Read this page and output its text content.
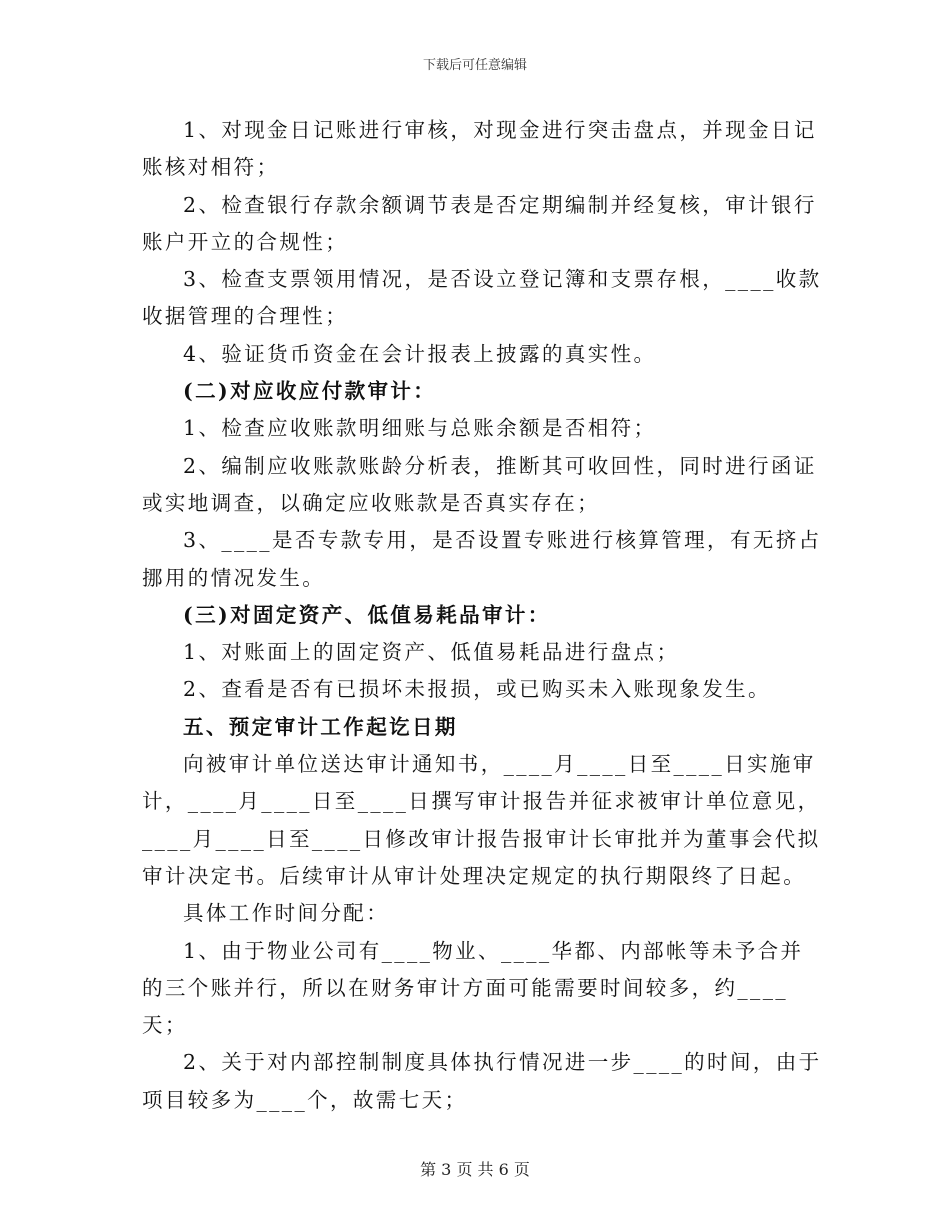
下载后可任意编辑

1、对现金日记账进行审核，对现金进行突击盘点，并现金日记账核对相符；

2、检查银行存款余额调节表是否定期编制并经复核，审计银行账户开立的合规性；

3、检查支票领用情况，是否设立登记簿和支票存根，____收款收据管理的合理性；

4、验证货币资金在会计报表上披露的真实性。

(二)对应收应付款审计：

1、检查应收账款明细账与总账余额是否相符；

2、编制应收账款账龄分析表，推断其可收回性，同时进行函证或实地调查，以确定应收账款是否真实存在；

3、____是否专款专用，是否设置专账进行核算管理，有无挤占挪用的情况发生。

(三)对固定资产、低值易耗品审计：

1、对账面上的固定资产、低值易耗品进行盘点；

2、查看是否有已损坏未报损，或已购买未入账现象发生。

五、预定审计工作起讫日期

向被审计单位送达审计通知书，____月____日至____日实施审计，____月____日至____日撰写审计报告并征求被审计单位意见，____月____日至____日修改审计报告报审计长审批并为董事会代拟审计决定书。后续审计从审计处理决定规定的执行期限终了日起。

具体工作时间分配：

1、由于物业公司有____物业、____华都、内部帐等未予合并的三个账并行，所以在财务审计方面可能需要时间较多，约____天；

2、关于对内部控制制度具体执行情况进一步____的时间，由于项目较多为____个，故需七天；

第 3 页 共 6 页
